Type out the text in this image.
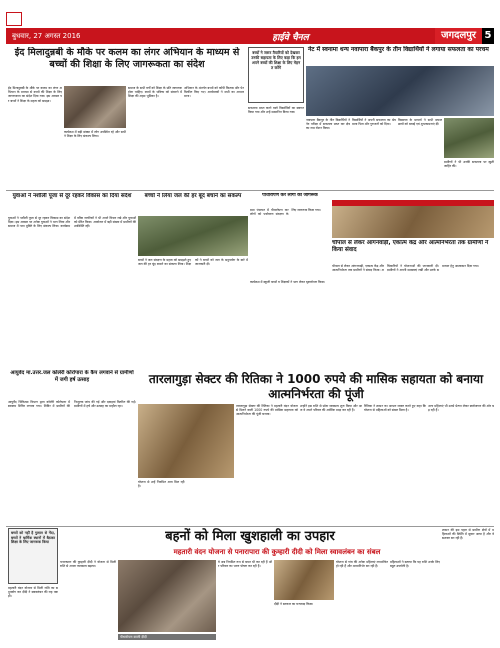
बुधवार, 27 अगस्त 2016	हाईवे चैनल	जगदलपुर 5
ईद मिलादुन्नबी के मौके पर कलम का लंगर अभियान के माध्यम से बच्चों की शिक्षा के लिए जागरूकता का संदेश
ईद मिलादुन्नबी के मौके पर कलम का लंगर अभियान के माध्यम से बच्चों की शिक्षा के लिए जागरूकता का संदेश दिया गया। इस अवसर पर बच्चों ने शिक्षा के महत्व को समझा।
कार्यक्रम में बड़ी संख्या में लोग उपस्थित रहे और सभी ने शिक्षा के लिए संकल्प लिया।
समाज के सभी वर्गों को शिक्षा के प्रति जागरूक होना चाहिए। बच्चों के भविष्य को संवारने में शिक्षा की अहम भूमिका है।
अभियान के अंतर्गत बच्चों को कॉपी किताब और पेन वितरित किए गए। आयोजकों ने सभी का आभार माना।
बच्चों ने जरूर तैयारियों को देखकर उनकी सहायता के लिए कहा कि हम अपने बच्चों की शिक्षा के लिए मेहनत करेंगे
नेट में स्वनामा धन्य नवापारा बैंकपुर के तीन विद्यार्थियों ने लगाया सफलता का परचम
नवापारा बैंकपुर के तीन विद्यार्थियों ने नेट परीक्षा में सफलता प्राप्त कर क्षेत्र का नाम रोशन किया।
विद्यार्थियों ने अपनी सफलता का श्रेय माता पिता और गुरुजनों को दिया।
विद्यालय के प्राचार्य ने सभी सफल छात्रों को बधाई एवं शुभकामनाएं दीं।
ग्रामीणों ने भी उनकी सफलता पर खुशी जाहिर की।
सफलता प्राप्त करने वाले विद्यार्थियों का स्वागत किया गया और उन्हें सम्मानित किया गया।
युवाओं ने नशीली पूजा से दूर रहकर विकास का दिया संदेश
युवाओं ने नशीली पूजा से दूर रहकर विकास का संदेश दिया। इस अवसर पर अनेक युवाओं ने भाग लिया और समाज में नशा मुक्ति के लिए संकल्प लिया। कार्यक्रम में वरिष्ठ नागरिकों ने भी अपने विचार रखे और युवाओं को प्रेरित किया। आयोजन में बड़ी संख्या में ग्रामीणों की उपस्थिति रही।
बच्चों ने लिया जल की हर बूंद बचाने का संकल्प
बच्चों ने जल संरक्षण के महत्व को समझते हुए जल की हर बूंद बचाने का संकल्प लिया। शिक्षकों ने बच्चों को जल के सदुपयोग के बारे में जानकारी दी।
पौधारोपण कर लोगों को जागरूक
ग्राम पंचायत में पौधारोपण कर लोगों को पर्यावरण संरक्षण के लिए जागरूक किया गया।
चौपाल से लेकर आंगनवाड़ी, एकात्म केंद्र और आत्मनिर्भरता तक ग्रामीणों ने किया संवाद
चौपाल से लेकर आंगनवाड़ी, एकात्म केंद्र और आत्मनिर्भरता तक ग्रामीणों ने संवाद किया। अधिकारियों ने योजनाओं की जानकारी दी। ग्रामीणों ने अपनी समस्याएं रखीं और उनके समाधान हेतु आश्वासन दिया गया।
कार्यक्रम में स्कूली बच्चों व शिक्षकों ने भाग लेकर वृक्षारोपण किया।
तारलागुड़ा सेक्टर की रितिका ने 1000 रुपये की मासिक सहायता को बनाया आत्मनिर्भरता की पूंजी
तारलागुड़ा सेक्टर की रितिका ने महतारी वंदन योजना से मिलने वाली 1000 रुपये की मासिक सहायता को आत्मनिर्भरता की पूंजी बनाया।
उन्होंने इस राशि से छोटा व्यवसाय शुरू किया और आज वे अपने परिवार की आर्थिक मदद कर रही हैं।
रितिका ने शासन का आभार व्यक्त करते हुए कहा कि योजना से महिलाओं को संबल मिला है।
अन्य महिलाएं भी उनसे प्रेरणा लेकर स्वरोजगार की ओर बढ़ रही हैं।
योजना से उन्हें नियमित आय मिल रही है।
आयुर्वेद मा.उत्तर.जल कोलेरी कोरोपारा के कैंप लगवाने से ग्रामीणों में जगी हर्ष उत्साह
आयुर्वेद चिकित्सा विभाग द्वारा कोलेरी कोरोपारा में स्वास्थ्य शिविर लगाया गया। शिविर में ग्रामीणों की निःशुल्क जांच की गई और दवाइयां वितरित की गईं। ग्रामीणों में हर्ष और उत्साह का माहौल रहा।
बहनों को मिला खुशहाली का उपहार
महतारी वंदन योजना से पनारापारा की कुम्हारी दीदी को मिला स्वावलंबन का संबल
बच्चों को नहीं है गुलाल से गेंदा, बच्चों ने धार्मिक स्थानों में बैठकर शिक्षा के लिए जागरूक किया
महतारी वंदन योजना से मिली राशि का सदुपयोग कर दीदी ने स्वावलंबन की राह पकड़ी।
पनारापारा की कुम्हारी दीदी ने योजना से मिली राशि से अपना व्यवसाय बढ़ाया।
पौधारोपण करती दीदी
वे अब नियमित रूप से बचत भी कर रही हैं और परिवार का भरण पोषण कर रही हैं।
दीदी ने सरकार का धन्यवाद किया।
योजना से गांव की अनेक महिलाएं लाभान्वित हो रही हैं और आत्मनिर्भर बन रही हैं।
महिलाओं ने बताया कि यह राशि उनके लिए बहुत उपयोगी है।
शासन की इस पहल से ग्रामीण क्षेत्रों में महिलाओं की स्थिति में सुधार आया है और वे सशक्त बन रही हैं।
